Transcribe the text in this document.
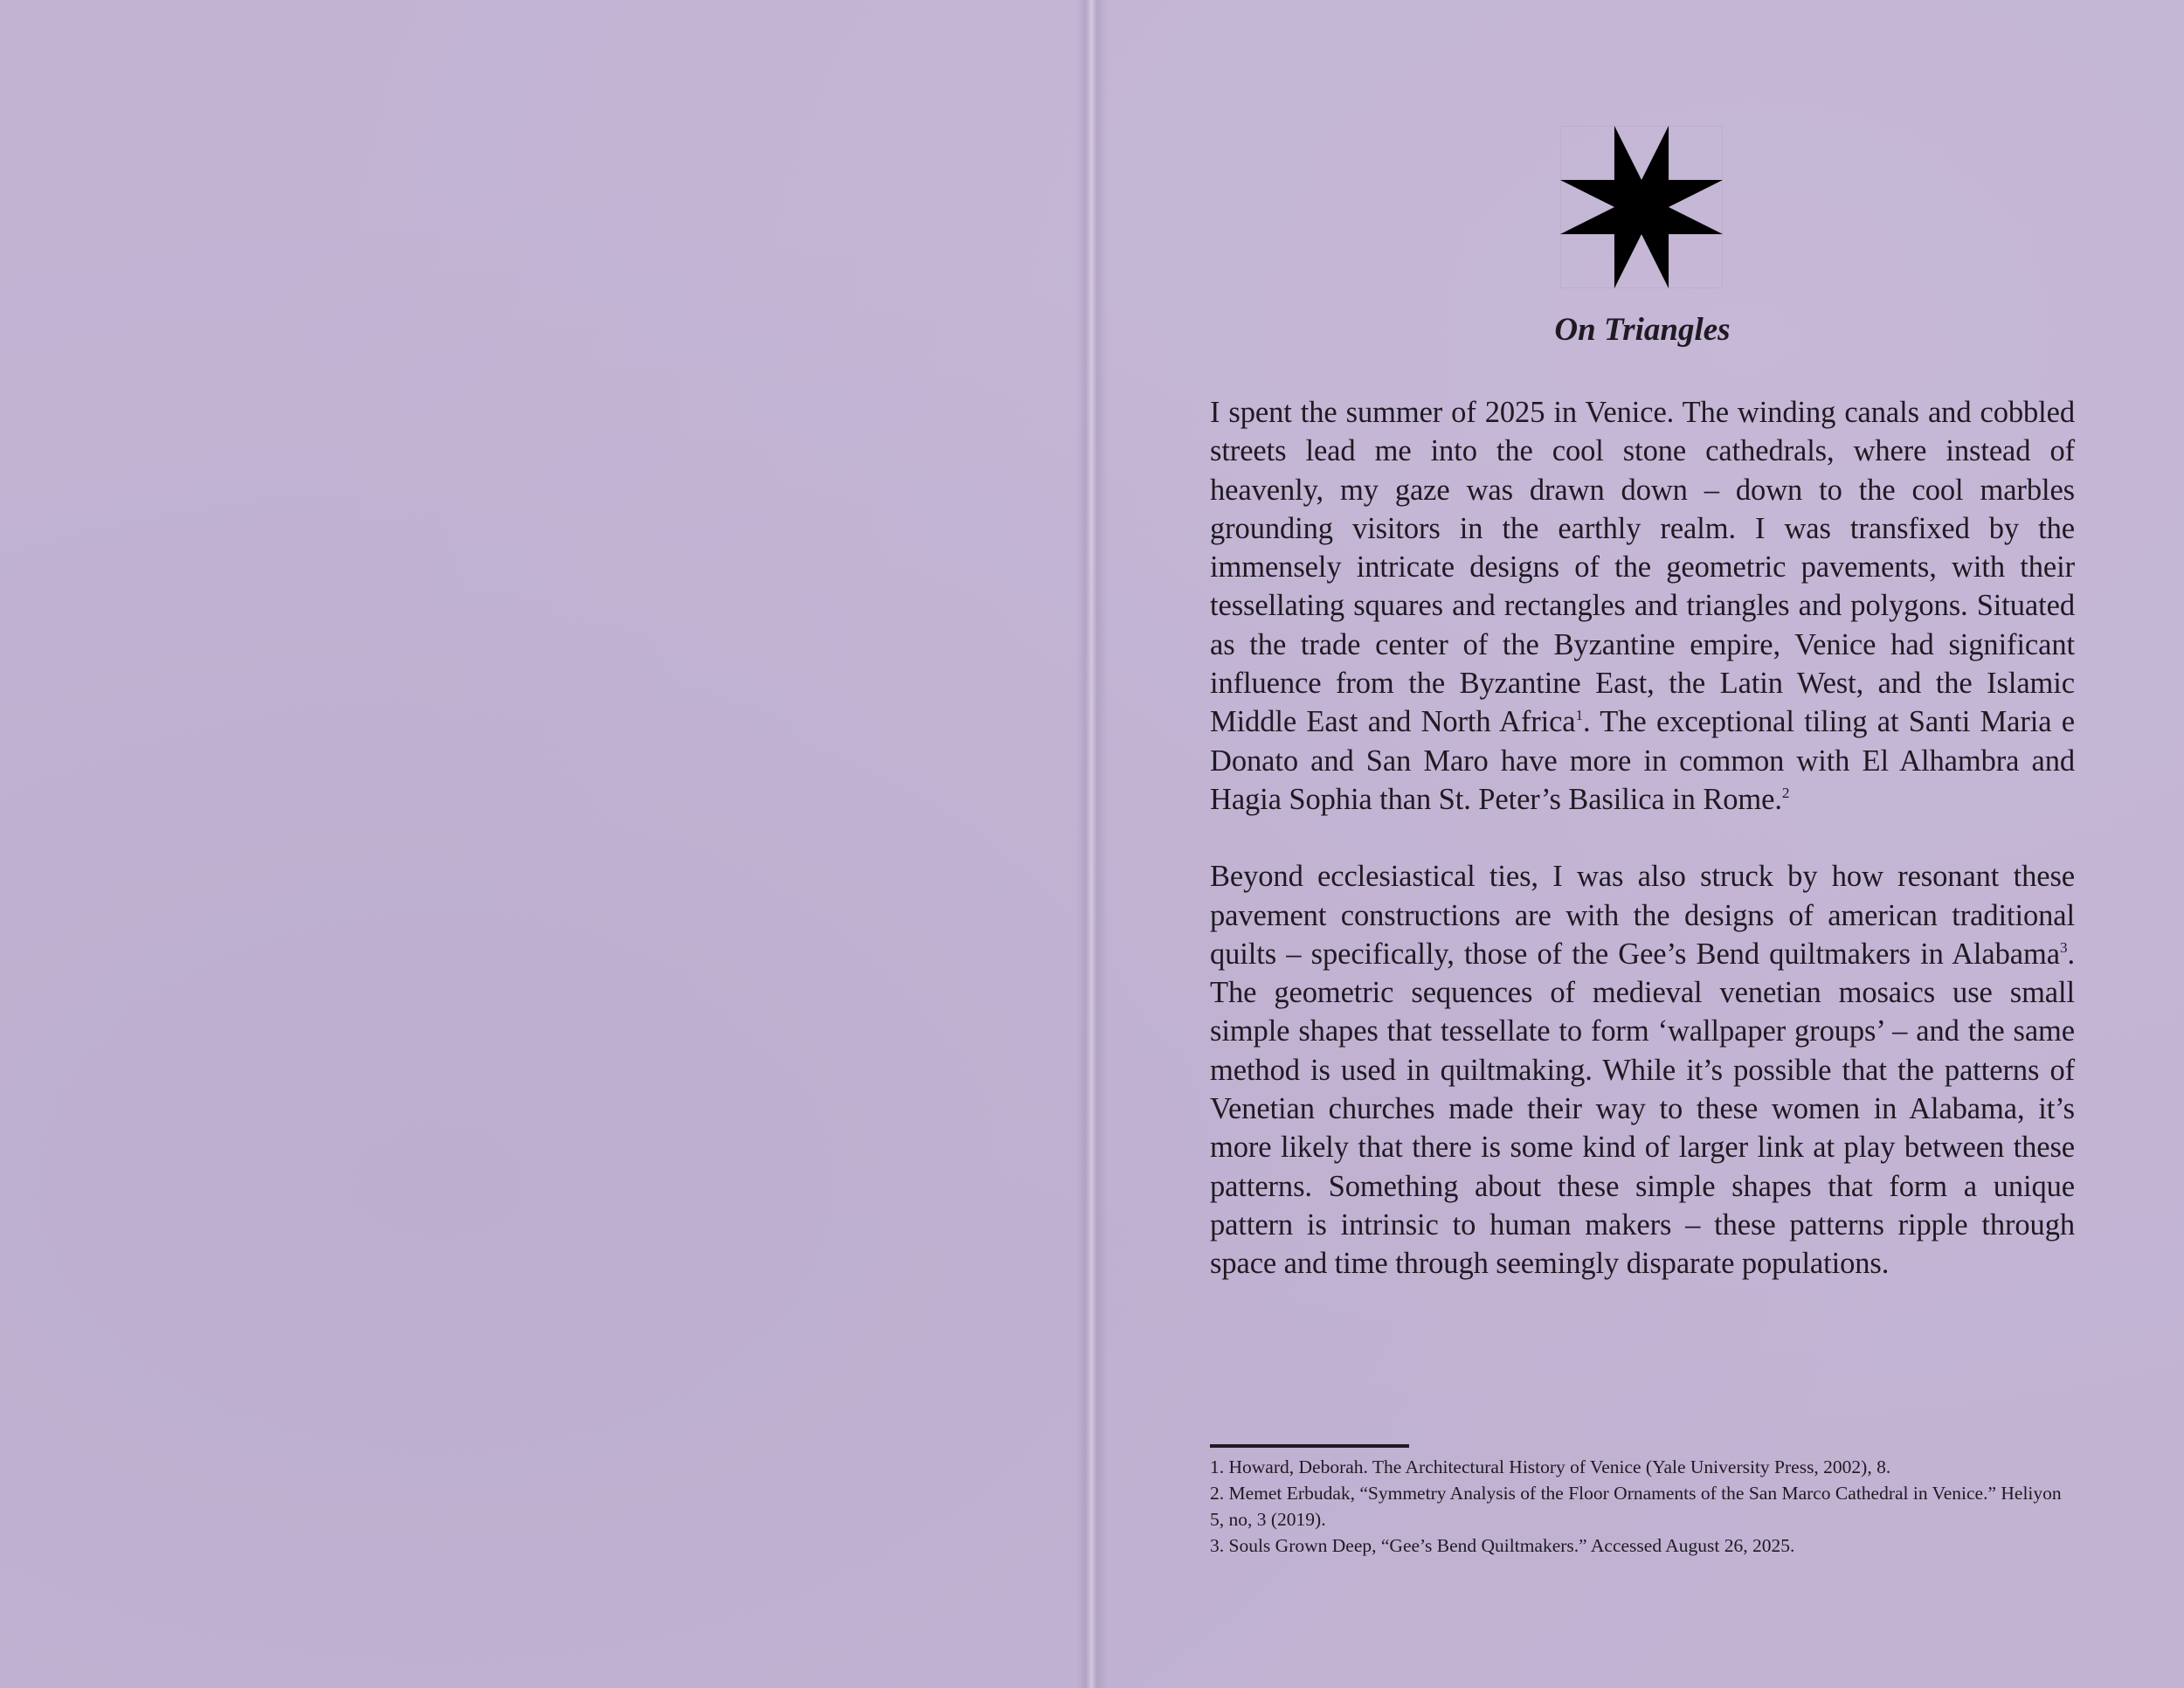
On Triangles

I spent the summer of 2025 in Venice. The winding canals and cobbled streets lead me into the cool stone cathedrals, where instead of heavenly, my gaze was drawn down – down to the cool marbles grounding visitors in the earthly realm. I was transfixed by the immensely intricate designs of the geometric pavements, with their tessellating squares and rectangles and triangles and polygons. Situated as the trade center of the Byzantine empire, Venice had significant influence from the Byzantine East, the Latin West, and the Islamic Middle East and North Africa$^1$. The exceptional tiling at Santi Maria e Donato and San Maro have more in common with El Alhambra and Hagia Sophia than St. Peter’s Basilica in Rome.$^2$

Beyond ecclesiastical ties, I was also struck by how resonant these pavement constructions are with the designs of american traditional quilts – specifically, those of the Gee’s Bend quiltmakers in Alabama$^3$. The geometric sequences of medieval venetian mosaics use small simple shapes that tessellate to form ‘wallpaper groups’ – and the same method is used in quiltmaking. While it’s possible that the patterns of Venetian churches made their way to these women in Alabama, it’s more likely that there is some kind of larger link at play between these patterns. Something about these simple shapes that form a unique pattern is intrinsic to human makers – these patterns ripple through space and time through seemingly disparate populations.

1. Howard, Deborah. The Architectural History of Venice (Yale University Press, 2002), 8.

2. Memet Erbudak, “Symmetry Analysis of the Floor Ornaments of the San Marco Cathedral in Venice.” Heliyon 5, no, 3 (2019).

3. Souls Grown Deep, “Gee’s Bend Quiltmakers.” Accessed August 26, 2025.
